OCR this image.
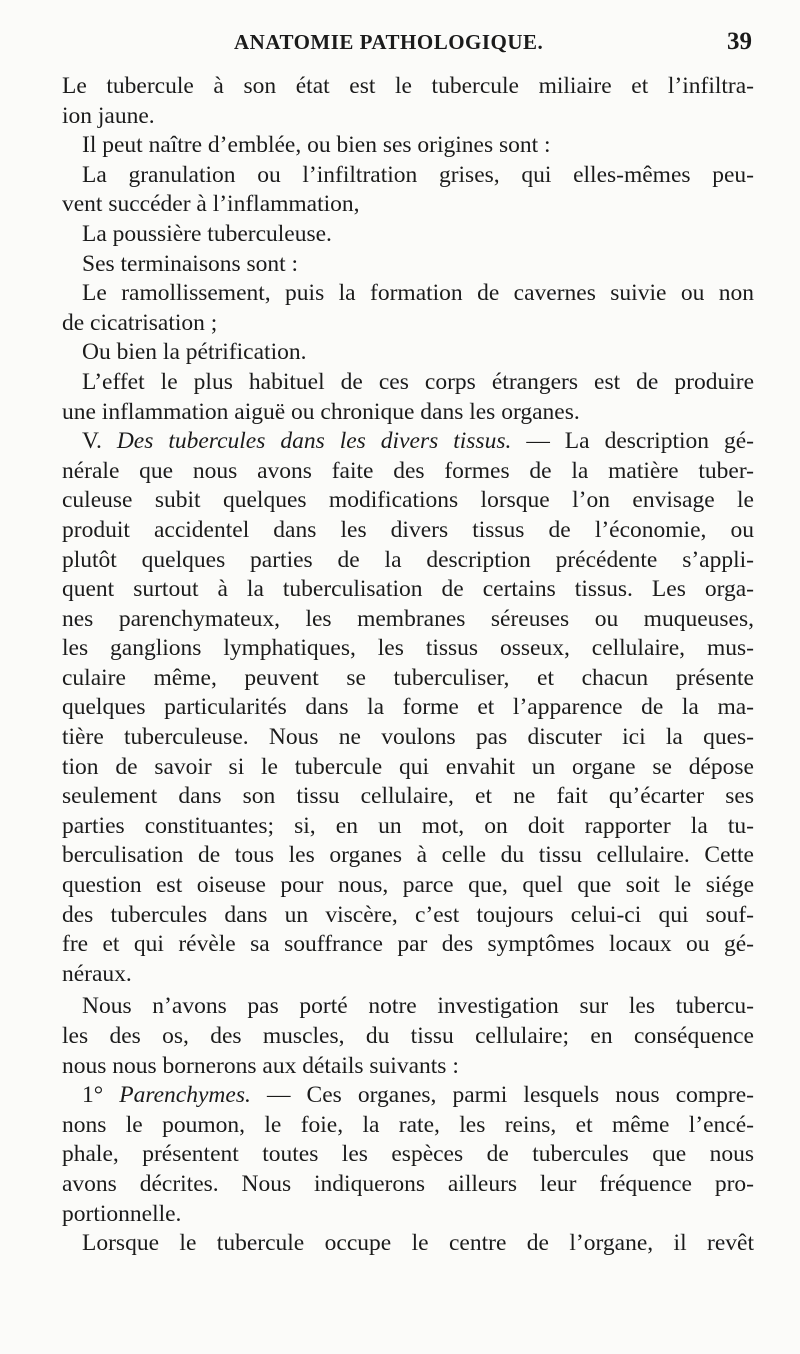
ANATOMIE PATHOLOGIQUE.	39
Le tubercule à son état est le tubercule miliaire et l’infiltra-
ion jaune.
Il peut naître d’emblée, ou bien ses origines sont :
La granulation ou l’infiltration grises, qui elles-mêmes peu-
vent succéder à l’inflammation,
La poussière tuberculeuse.
Ses terminaisons sont :
Le ramollissement, puis la formation de cavernes suivie ou non
de cicatrisation ;
Ou bien la pétrification.
L’effet le plus habituel de ces corps étrangers est de produire
une inflammation aiguë ou chronique dans les organes.
V. Des tubercules dans les divers tissus. — La description gé-
nérale que nous avons faite des formes de la matière tuber-
culeuse subit quelques modifications lorsque l’on envisage le
produit accidentel dans les divers tissus de l’économie, ou
plutôt quelques parties de la description précédente s’appli-
quent surtout à la tuberculisation de certains tissus. Les orga-
nes parenchymateux, les membranes séreuses ou muqueuses,
les ganglions lymphatiques, les tissus osseux, cellulaire, mus-
culaire même, peuvent se tuberculiser, et chacun présente
quelques particularités dans la forme et l’apparence de la ma-
tière tuberculeuse. Nous ne voulons pas discuter ici la ques-
tion de savoir si le tubercule qui envahit un organe se dépose
seulement dans son tissu cellulaire, et ne fait qu’écarter ses
parties constituantes; si, en un mot, on doit rapporter la tu-
berculisation de tous les organes à celle du tissu cellulaire. Cette
question est oiseuse pour nous, parce que, quel que soit le siége
des tubercules dans un viscère, c’est toujours celui-ci qui souf-
fre et qui révèle sa souffrance par des symptômes locaux ou gé-
néraux.
Nous n’avons pas porté notre investigation sur les tubercu-
les des os, des muscles, du tissu cellulaire; en conséquence
nous nous bornerons aux détails suivants :
1° Parenchymes. — Ces organes, parmi lesquels nous compre-
nons le poumon, le foie, la rate, les reins, et même l’encé-
phale, présentent toutes les espèces de tubercules que nous
avons décrites. Nous indiquerons ailleurs leur fréquence pro-
portionnelle.
Lorsque le tubercule occupe le centre de l’organe, il revêt
